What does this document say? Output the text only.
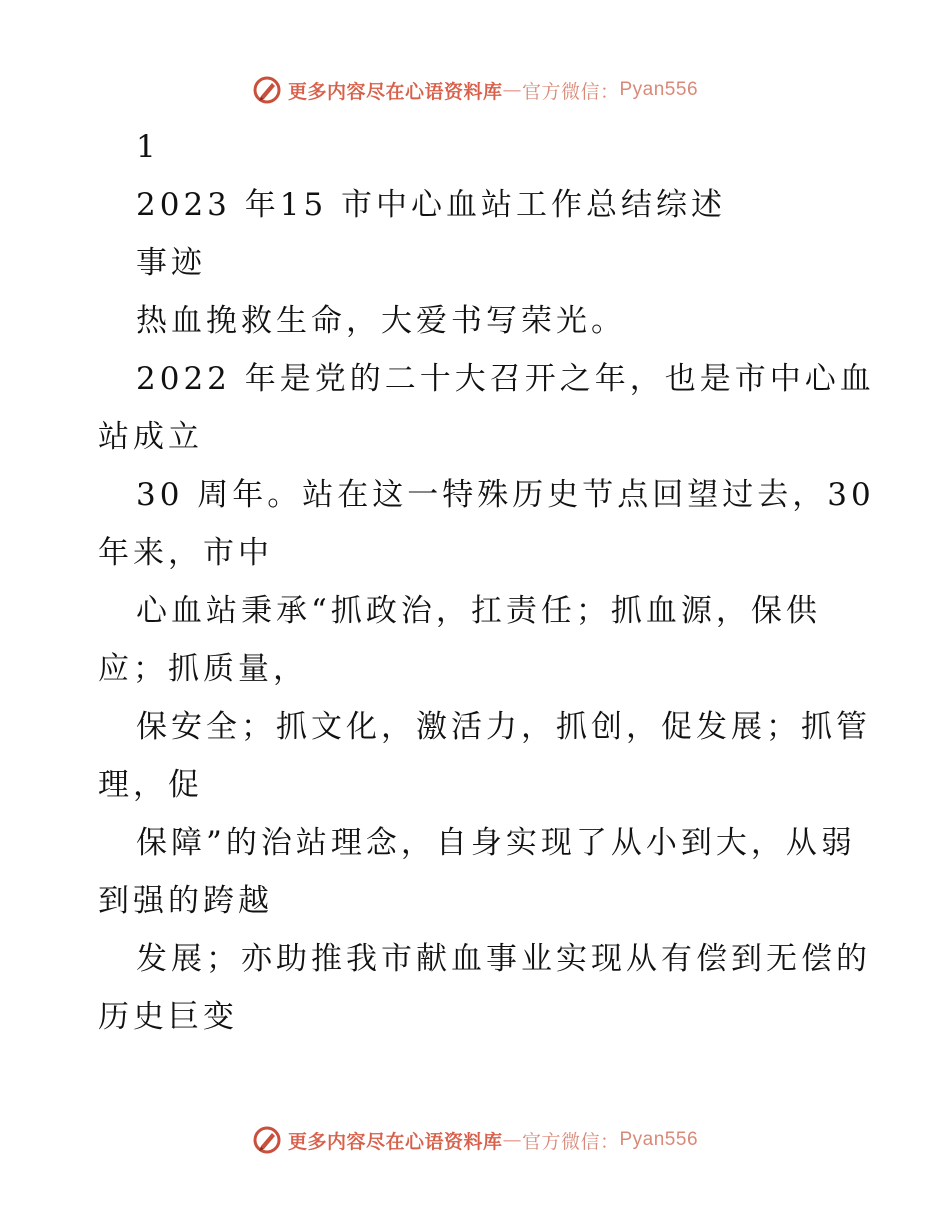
更多内容尽在心语资料库 — 官方微信： Pyan556
1
2023 年15 市中心血站工作总结综述
事迹
热血挽救生命，大爱书写荣光。
2022 年是党的二十大召开之年，也是市中心血
站成立
30 周年。站在这一特殊历史节点回望过去，30
年来，市中
心血站秉承“抓政治，扛责任；抓血源，保供
应；抓质量，
保安全；抓文化，激活力，抓创，促发展；抓管
理，促
保障”的治站理念，自身实现了从小到大，从弱
到强的跨越
发展；亦助推我市献血事业实现从有偿到无偿的
历史巨变
更多内容尽在心语资料库 — 官方微信： Pyan556
